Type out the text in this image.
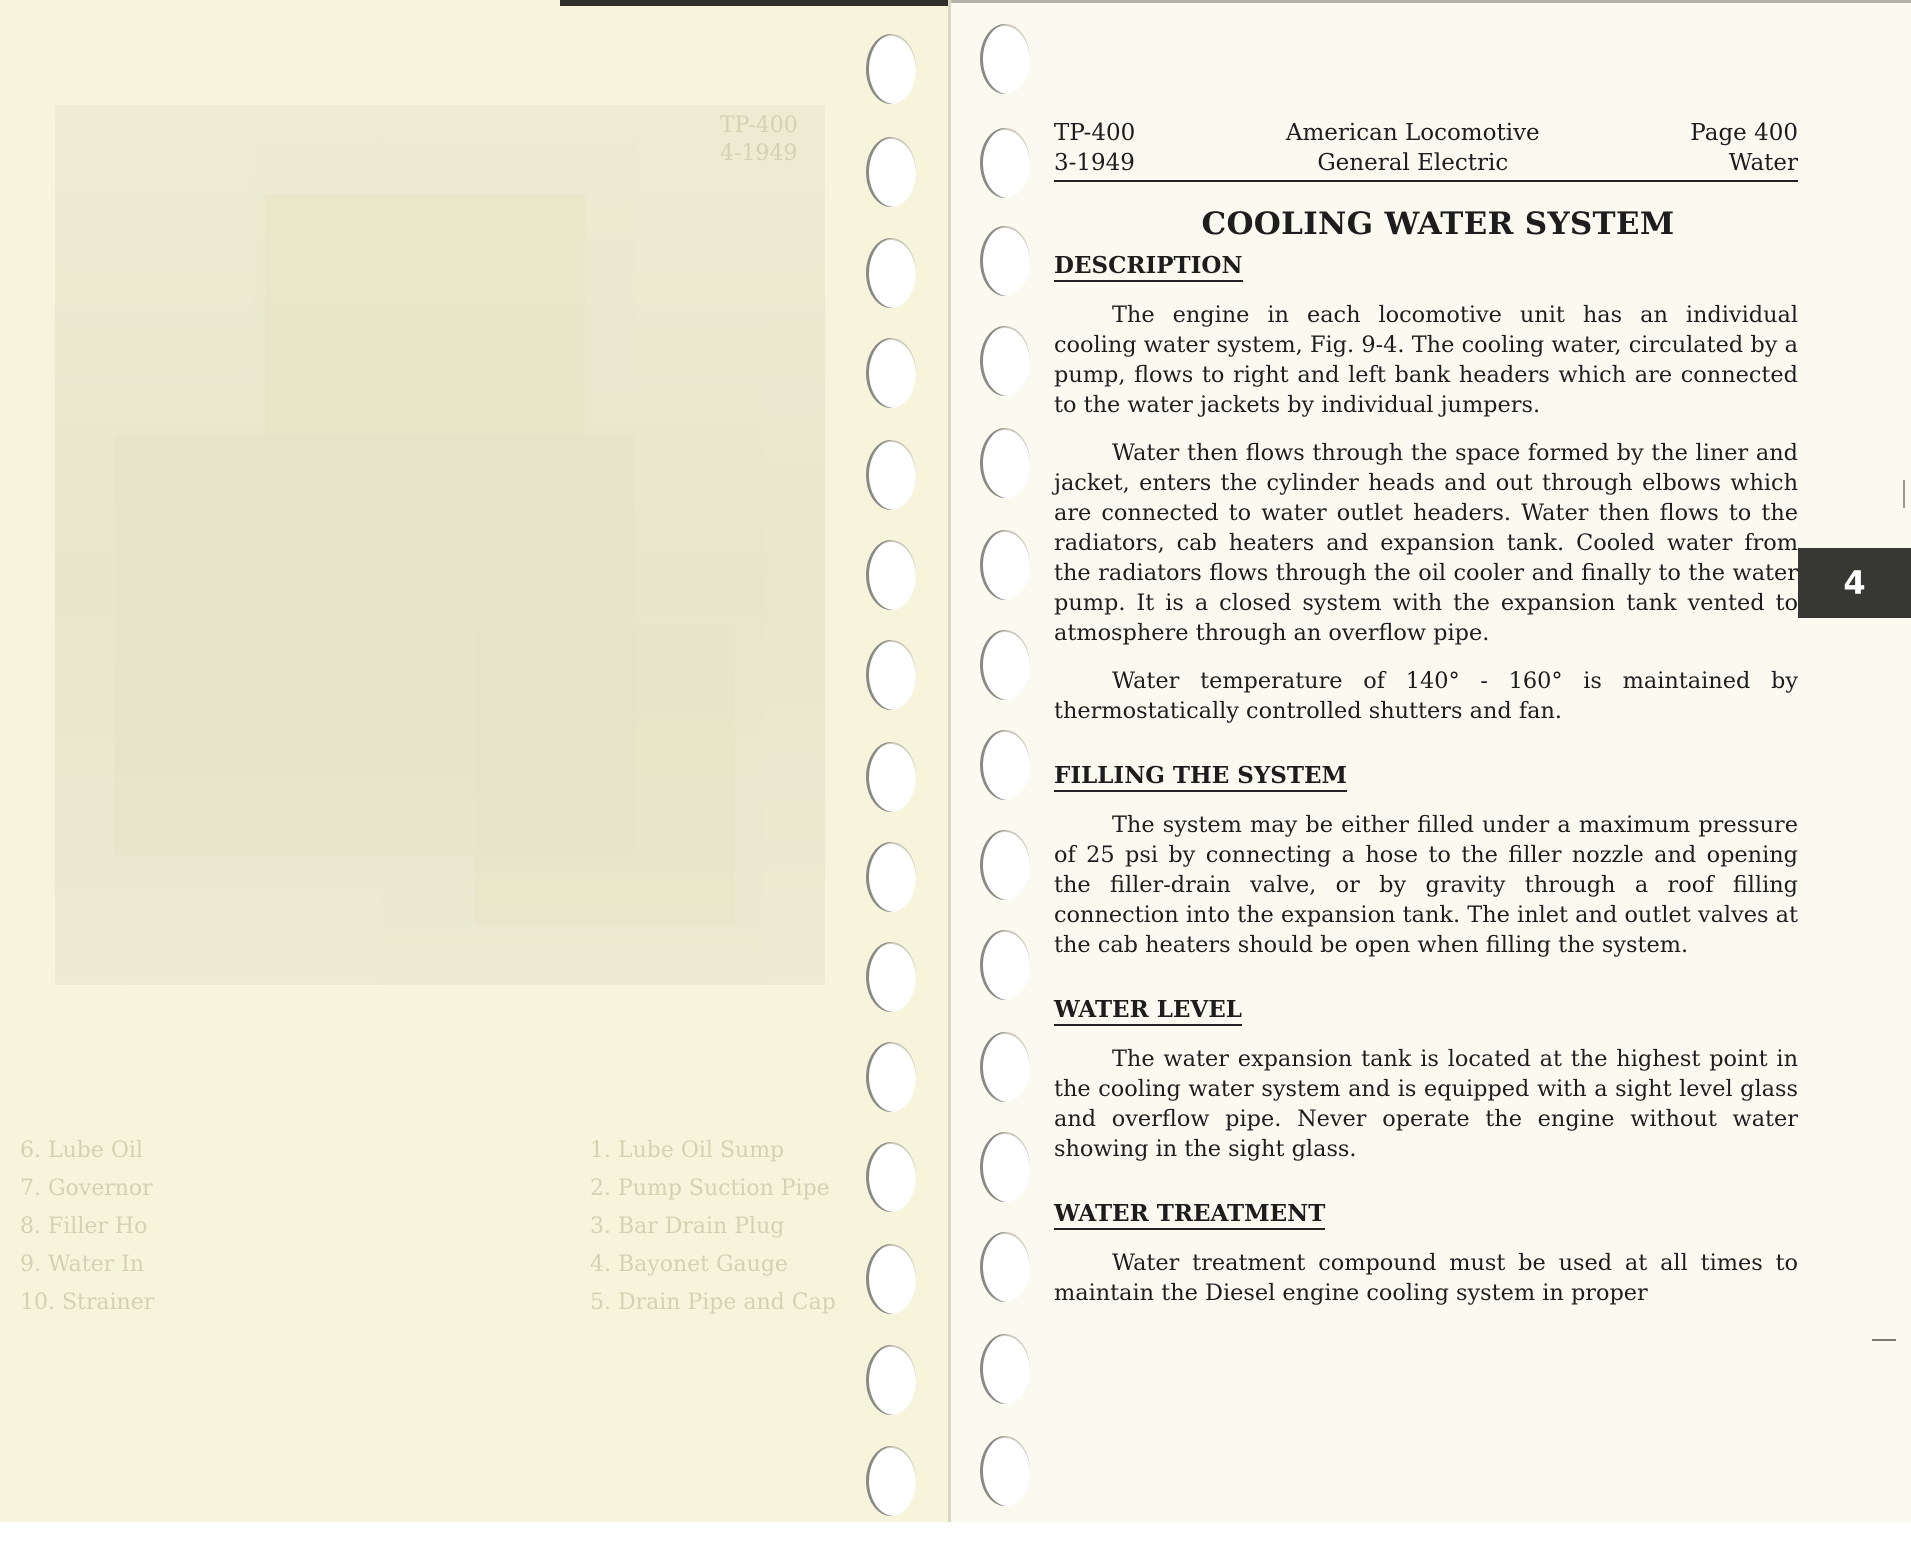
TP-400
4-1949
1. Lube Oil Sump
2. Pump Suction Pipe
3. Bar Drain Plug
4. Bayonet Gauge
5. Drain Pipe and Cap
6. Lube Oil
7. Governor
8. Filler Ho
9. Water In
10. Strainer
4
TP-400
3-1949
American Locomotive
General Electric
Page 400
Water
COOLING WATER SYSTEM
DESCRIPTION

The engine in each locomotive unit has an individual cooling water system, Fig. 9-4. The cooling water, circulated by a pump, flows to right and left bank headers which are connected to the water jackets by individual jumpers.

Water then flows through the space formed by the liner and jacket, enters the cylinder heads and out through elbows which are connected to water outlet headers. Water then flows to the radiators, cab heaters and expansion tank. Cooled water from the radiators flows through the oil cooler and finally to the water pump. It is a closed system with the expansion tank vented to atmosphere through an overflow pipe.

Water temperature of 140° - 160° is maintained by thermostatically controlled shutters and fan.

FILLING THE SYSTEM

The system may be either filled under a maximum pressure of 25 psi by connecting a hose to the filler nozzle and opening the filler-drain valve, or by gravity through a roof filling connection into the expansion tank. The inlet and outlet valves at the cab heaters should be open when filling the system.

WATER LEVEL

The water expansion tank is located at the highest point in the cooling water system and is equipped with a sight level glass and overflow pipe. Never operate the engine without water showing in the sight glass.

WATER TREATMENT

Water treatment compound must be used at all times to maintain the Diesel engine cooling system in proper
